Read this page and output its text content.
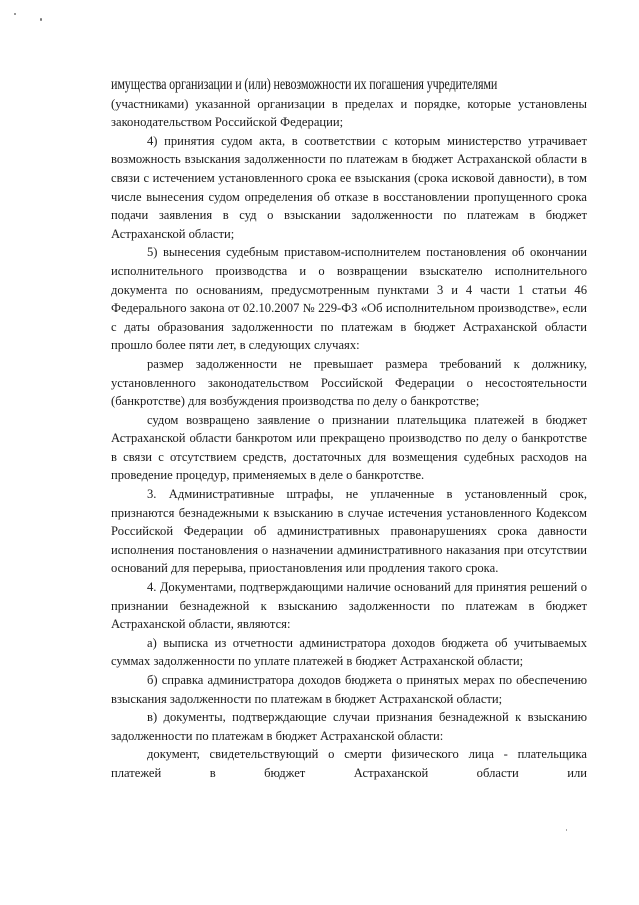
имущества организации и (или) невозможности их погашения учредителями
(участниками) указанной организации в пределах и порядке, которые установлены законодательством Российской Федерации;

4) принятия судом акта, в соответствии с которым министерство утрачивает возможность взыскания задолженности по платежам в бюджет Астраханской области в связи с истечением установленного срока ее взыскания (срока исковой давности), в том числе вынесения судом определения об отказе в восстановлении пропущенного срока подачи заявления в суд о взыскании задолженности по платежам в бюджет Астраханской области;

5) вынесения судебным приставом-исполнителем постановления об окончании исполнительного производства и о возвращении взыскателю исполнительного документа по основаниям, предусмотренным пунктами 3 и 4 части 1 статьи 46 Федерального закона от 02.10.2007 № 229-ФЗ «Об исполнительном производстве», если с даты образования задолженности по платежам в бюджет Астраханской области прошло более пяти лет, в следующих случаях:

размер задолженности не превышает размера требований к должнику, установленного законодательством Российской Федерации о несостоятельности (банкротстве) для возбуждения производства по делу о банкротстве;

судом возвращено заявление о признании плательщика платежей в бюджет Астраханской области банкротом или прекращено производство по делу о банкротстве в связи с отсутствием средств, достаточных для возмещения судебных расходов на проведение процедур, применяемых в деле о банкротстве.

3. Административные штрафы, не уплаченные в установленный срок, признаются безнадежными к взысканию в случае истечения установленного Кодексом Российской Федерации об административных правонарушениях срока давности исполнения постановления о назначении административного наказания при отсутствии оснований для перерыва, приостановления или продления такого срока.

4. Документами, подтверждающими наличие оснований для принятия решений о признании безнадежной к взысканию задолженности по платежам в бюджет Астраханской области, являются:

а) выписка из отчетности администратора доходов бюджета об учитываемых суммах задолженности по уплате платежей в бюджет Астраханской области;

б) справка администратора доходов бюджета о принятых мерах по обеспечению взыскания задолженности по платежам в бюджет Астраханской области;

в) документы, подтверждающие случаи признания безнадежной к взысканию задолженности по платежам в бюджет Астраханской области:

документ, свидетельствующий о смерти физического лица - плательщика платежей в бюджет Астраханской области или
